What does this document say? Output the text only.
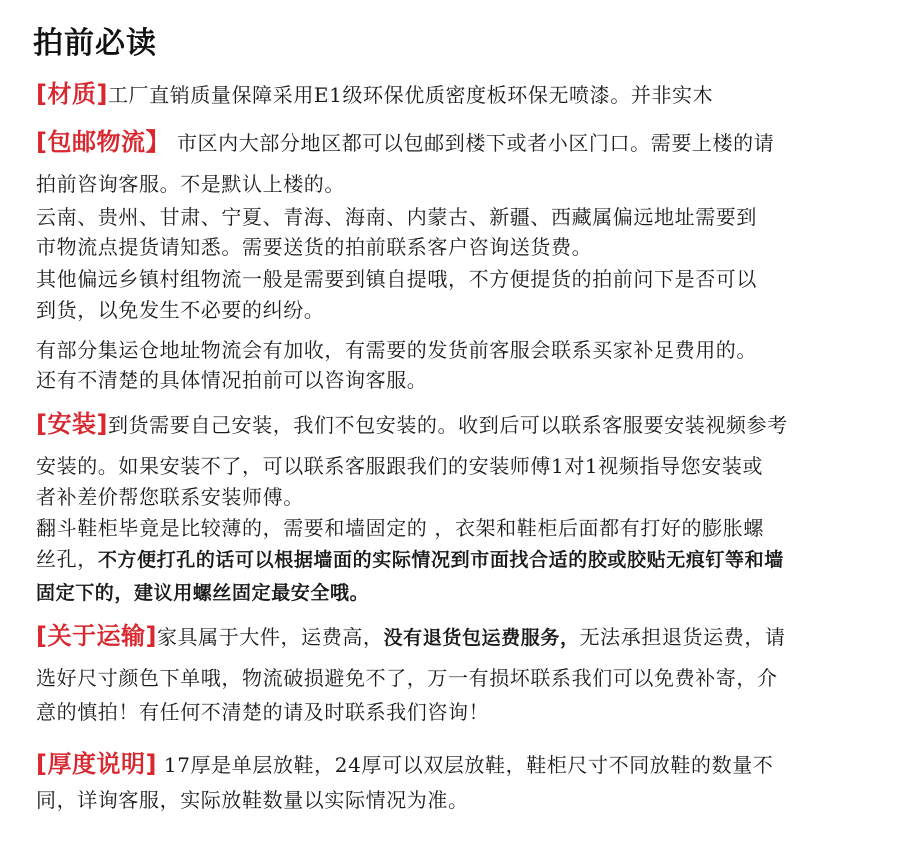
拍前必读
[材质]工厂直销质量保障采用E1级环保优质密度板环保无喷漆。并非实木
[包邮物流】 市区内大部分地区都可以包邮到楼下或者小区门口。需要上楼的请
拍前咨询客服。不是默认上楼的。
云南、贵州、甘肃、宁夏、青海、海南、内蒙古、新疆、西藏属偏远地址需要到
市物流点提货请知悉。需要送货的拍前联系客户咨询送货费。
其他偏远乡镇村组物流一般是需要到镇自提哦，不方便提货的拍前问下是否可以
到货，以免发生不必要的纠纷。
有部分集运仓地址物流会有加收，有需要的发货前客服会联系买家补足费用的。
还有不清楚的具体情况拍前可以咨询客服。
[安装]到货需要自己安装，我们不包安装的。收到后可以联系客服要安装视频参考
安装的。如果安装不了，可以联系客服跟我们的安装师傅1对1视频指导您安装或
者补差价帮您联系安装师傅。
翻斗鞋柜毕竟是比较薄的，需要和墙固定的 ，衣架和鞋柜后面都有打好的膨胀螺
丝孔，不方便打孔的话可以根据墙面的实际情况到市面找合适的胶或胶贴无痕钉等和墙
固定下的，建议用螺丝固定最安全哦。
[关于运输]家具属于大件，运费高，没有退货包运费服务，无法承担退货运费，请
选好尺寸颜色下单哦，物流破损避免不了，万一有损坏联系我们可以免费补寄，介
意的慎拍！有任何不清楚的请及时联系我们咨询！
[厚度说明] 17厚是单层放鞋，24厚可以双层放鞋，鞋柜尺寸不同放鞋的数量不
同，详询客服，实际放鞋数量以实际情况为准。
